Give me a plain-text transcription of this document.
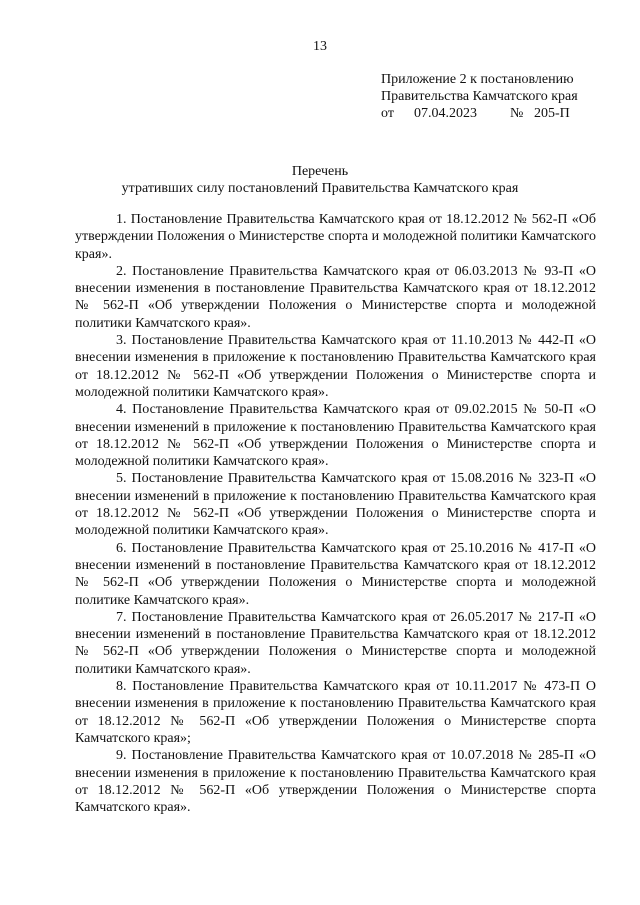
13
Приложение 2 к постановлению
Правительства Камчатского края
от 07.04.2023 № 205-П
Перечень
утративших силу постановлений Правительства Камчатского края

1. Постановление Правительства Камчатского края от 18.12.2012 № 562-П «Об утверждении Положения о Министерстве спорта и молодежной политики Камчатского края».

2. Постановление Правительства Камчатского края от 06.03.2013 № 93-П «О внесении изменения в постановление Правительства Камчатского края от 18.12.2012 № 562-П «Об утверждении Положения о Министерстве спорта и молодежной политики Камчатского края».

3. Постановление Правительства Камчатского края от 11.10.2013 № 442-П «О внесении изменения в приложение к постановлению Правительства Камчатского края от 18.12.2012 № 562-П «Об утверждении Положения о Министерстве спорта и молодежной политики Камчатского края».

4. Постановление Правительства Камчатского края от 09.02.2015 № 50-П «О внесении изменений в приложение к постановлению Правительства Камчатского края от 18.12.2012 № 562-П «Об утверждении Положения о Министерстве спорта и молодежной политики Камчатского края».

5. Постановление Правительства Камчатского края от 15.08.2016 № 323-П «О внесении изменений в приложение к постановлению Правительства Камчатского края от 18.12.2012 № 562-П «Об утверждении Положения о Министерстве спорта и молодежной политики Камчатского края».

6. Постановление Правительства Камчатского края от 25.10.2016 № 417-П «О внесении изменений в постановление Правительства Камчатского края от 18.12.2012 № 562-П «Об утверждении Положения о Министерстве спорта и молодежной политике Камчатского края».

7. Постановление Правительства Камчатского края от 26.05.2017 № 217-П «О внесении изменений в постановление Правительства Камчатского края от 18.12.2012 № 562-П «Об утверждении Положения о Министерстве спорта и молодежной политики Камчатского края».

8. Постановление Правительства Камчатского края от 10.11.2017 № 473-П О внесении изменения в приложение к постановлению Правительства Камчатского края от 18.12.2012 № 562-П «Об утверждении Положения о Министерстве спорта Камчатского края»;

9. Постановление Правительства Камчатского края от 10.07.2018 № 285-П «О внесении изменения в приложение к постановлению Правительства Камчатского края от 18.12.2012 № 562-П «Об утверждении Положения о Министерстве спорта Камчатского края».
